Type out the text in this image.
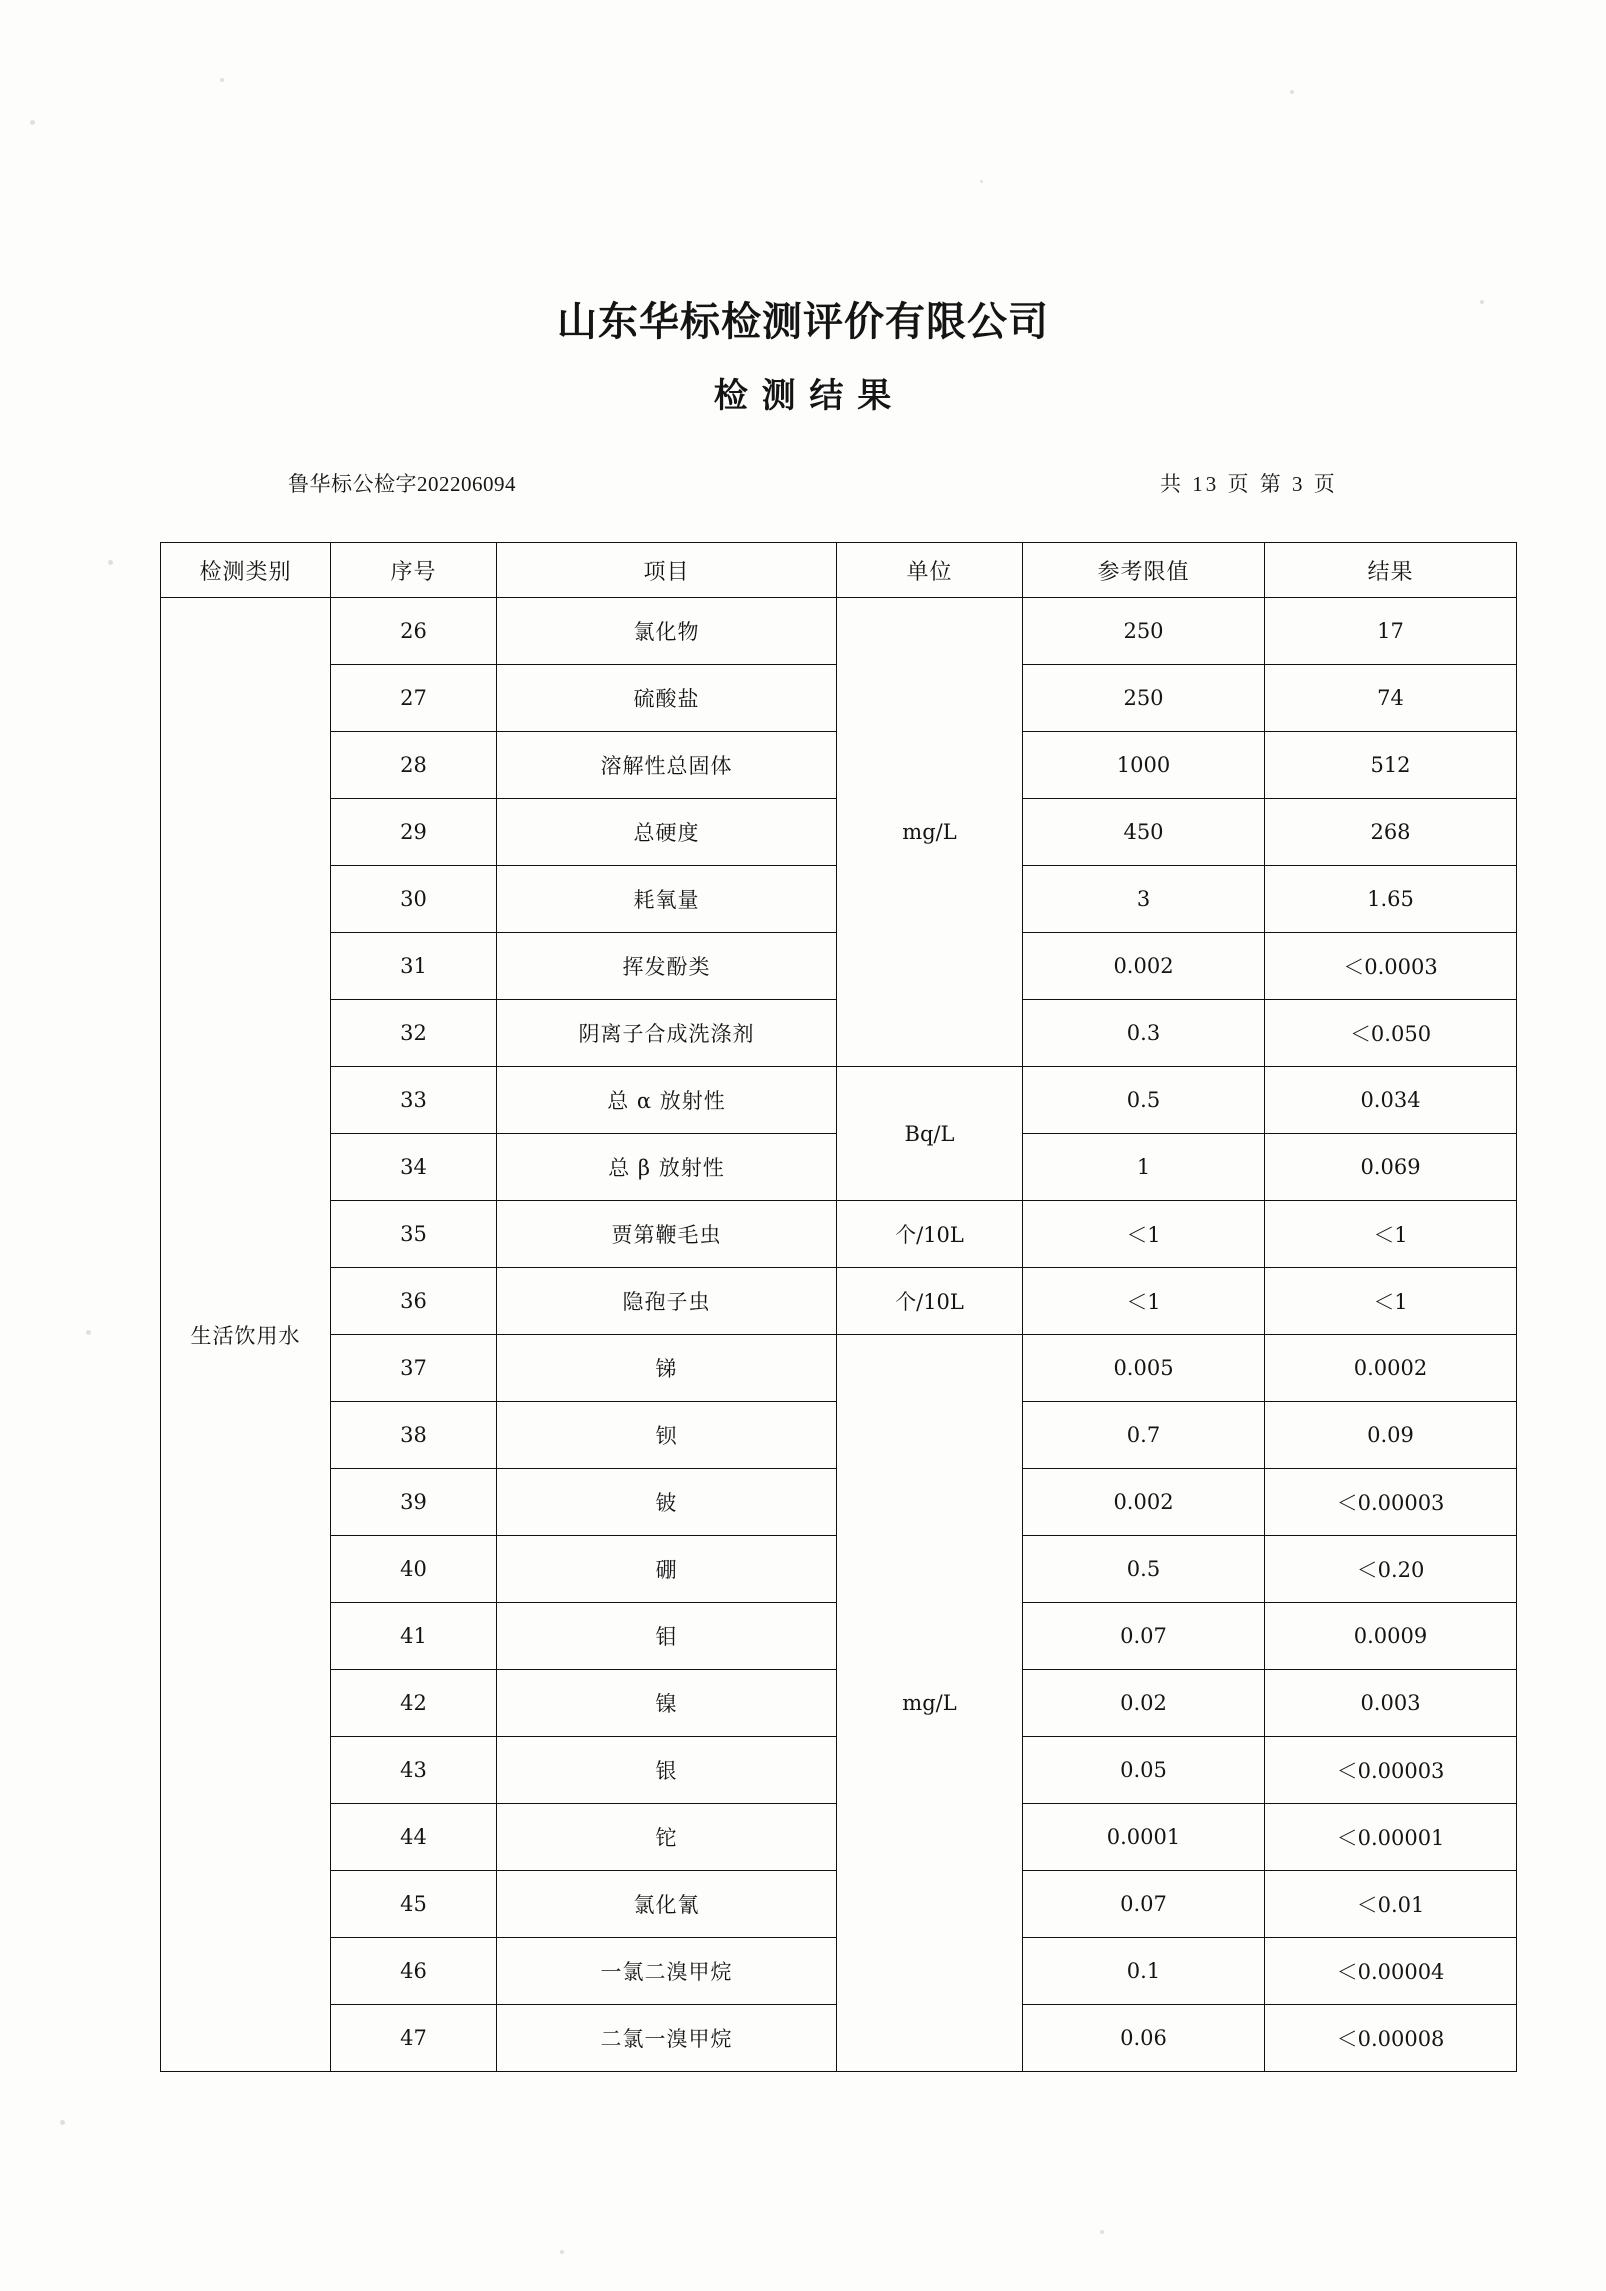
山东华标检测评价有限公司
检 测 结 果
鲁华标公检字202206094	共 13 页 第 3 页
检测类别	序号	项目	单位	参考限值	结果
生活饮用水	26	氯化物	mg/L	250	17
	27	硫酸盐		250	74
	28	溶解性总固体		1000	512
	29	总硬度		450	268
	30	耗氧量		3	1.65
	31	挥发酚类		0.002	＜0.0003
	32	阴离子合成洗涤剂		0.3	＜0.050
	33	总 α 放射性	Bq/L	0.5	0.034
	34	总 β 放射性		1	0.069
	35	贾第鞭毛虫	个/10L	＜1	＜1
	36	隐孢子虫	个/10L	＜1	＜1
	37	锑	mg/L	0.005	0.0002
	38	钡		0.7	0.09
	39	铍		0.002	＜0.00003
	40	硼		0.5	＜0.20
	41	钼		0.07	0.0009
	42	镍		0.02	0.003
	43	银		0.05	＜0.00003
	44	铊		0.0001	＜0.00001
	45	氯化氰		0.07	＜0.01
	46	一氯二溴甲烷		0.1	＜0.00004
	47	二氯一溴甲烷		0.06	＜0.00008
